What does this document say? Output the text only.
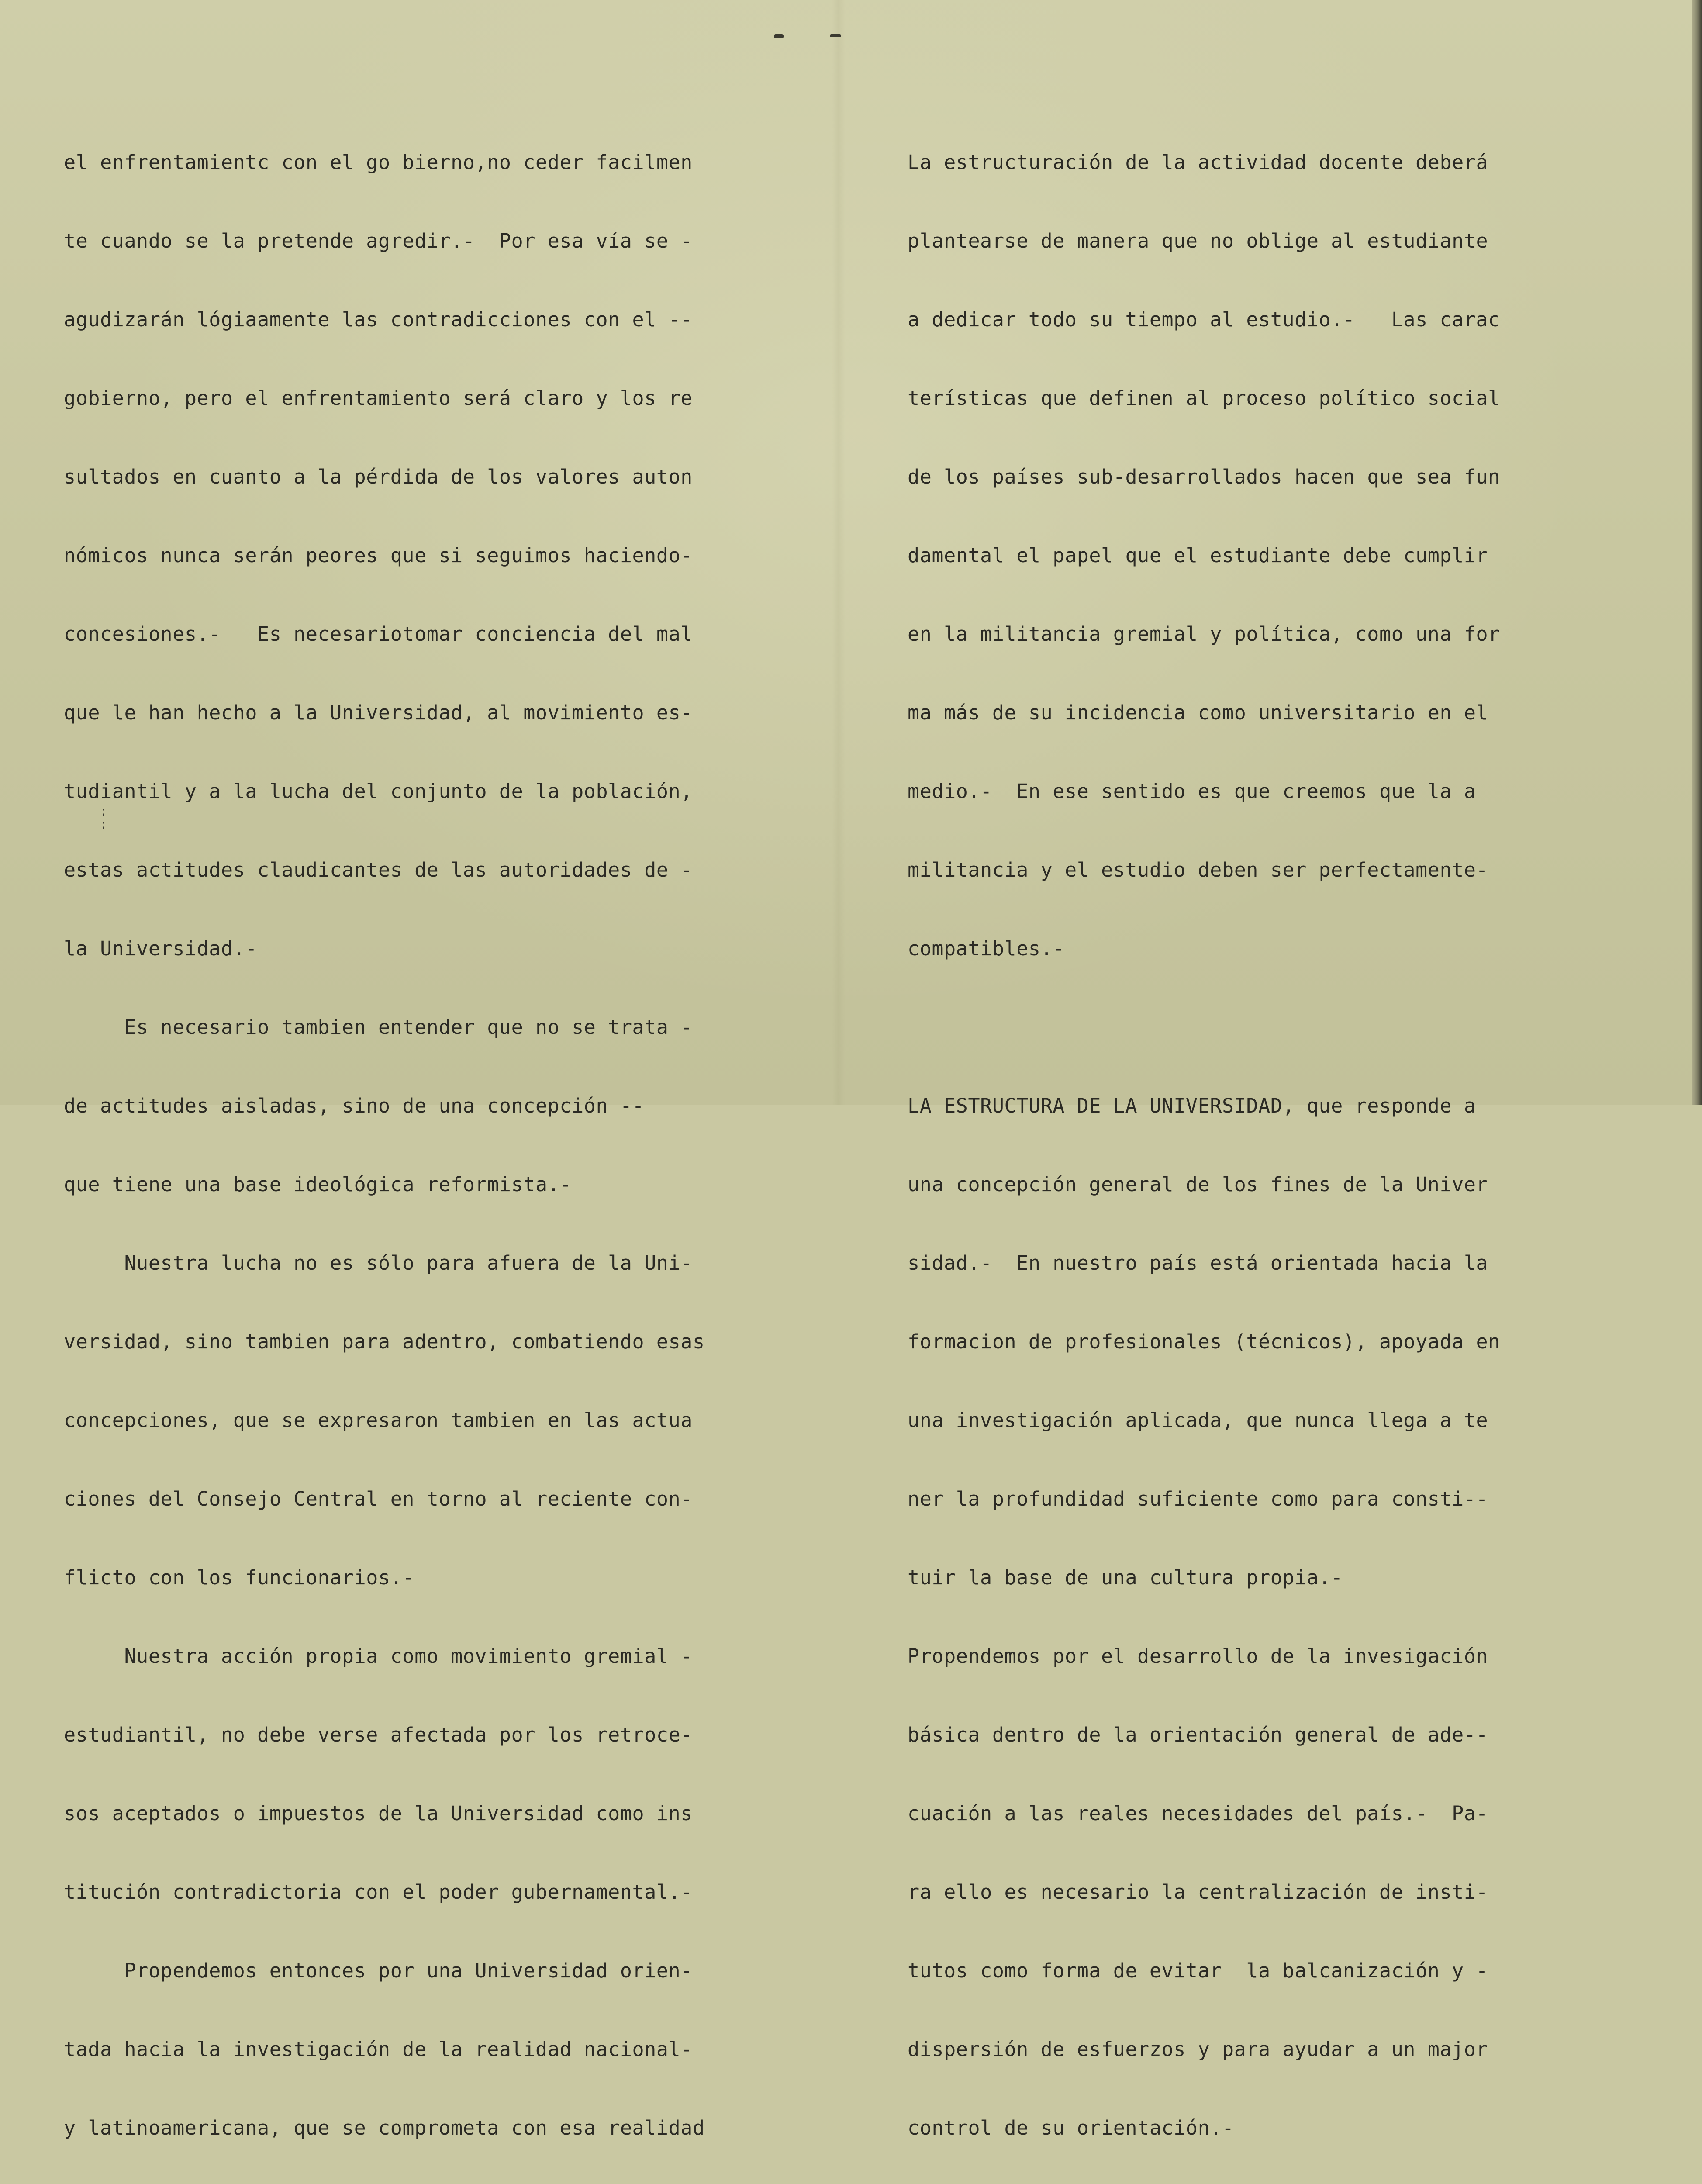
el enfrentamientc con el go bierno,no ceder facilmen

te cuando se la pretende agredir.-  Por esa vía se -

agudizarán lógiaamente las contradicciones con el --

gobierno, pero el enfrentamiento será claro y los re

sultados en cuanto a la pérdida de los valores auton

nómicos nunca serán peores que si seguimos haciendo-

concesiones.-   Es necesariotomar conciencia del mal

que le han hecho a la Universidad, al movimiento es-

tudiantil y a la lucha del conjunto de la población,

estas actitudes claudicantes de las autoridades de -

la Universidad.-

Es necesario tambien entender que no se trata -

de actitudes aisladas, sino de una concepción --

que tiene una base ideológica reformista.-

Nuestra lucha no es sólo para afuera de la Uni-

versidad, sino tambien para adentro, combatiendo esas

concepciones, que se expresaron tambien en las actua

ciones del Consejo Central en torno al reciente con-

flicto con los funcionarios.-

Nuestra acción propia como movimiento gremial -

estudiantil, no debe verse afectada por los retroce-

sos aceptados o impuestos de la Universidad como ins

titución contradictoria con el poder gubernamental.-

Propendemos entonces por una Universidad orien-

tada hacia la investigación de la realidad nacional-

y latinoamericana, que se comprometa con esa realidad

La estructuración de la actividad docente deberá

plantearse de manera que no oblige al estudiante

a dedicar todo su tiempo al estudio.-   Las carac

terísticas que definen al proceso político social

de los países sub-desarrollados hacen que sea fun

damental el papel que el estudiante debe cumplir

en la militancia gremial y política, como una for

ma más de su incidencia como universitario en el

medio.-  En ese sentido es que creemos que la a

militancia y el estudio deben ser perfectamente-

compatibles.-

LA ESTRUCTURA DE LA UNIVERSIDAD, que responde a

una concepción general de los fines de la Univer

sidad.-  En nuestro país está orientada hacia la

formacion de profesionales (técnicos), apoyada en

una investigación aplicada, que nunca llega a te

ner la profundidad suficiente como para consti--

tuir la base de una cultura propia.-

Propendemos por el desarrollo de la invesigación

básica dentro de la orientación general de ade--

cuación a las reales necesidades del país.-  Pa-

ra ello es necesario la centralización de insti-

tutos como forma de evitar  la balcanización y -

dispersión de esfuerzos y para ayudar a un major

control de su orientación.-

:
:
